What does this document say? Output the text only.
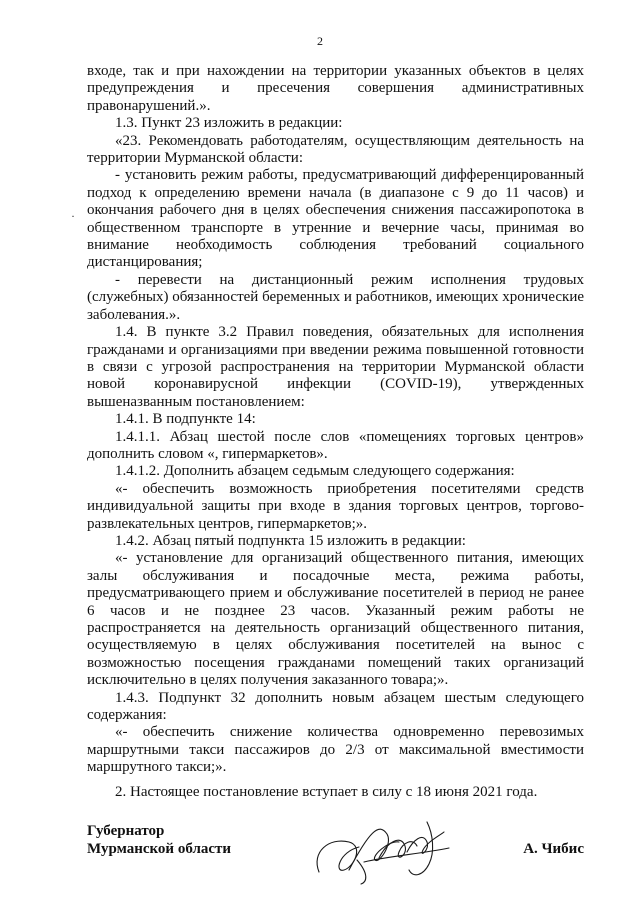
2
·

входе, так и при нахождении на территории указанных объектов в целях предупреждения и пресечения совершения административных правонарушений.».

1.3. Пункт 23 изложить в редакции:

«23. Рекомендовать работодателям, осуществляющим деятельность на территории Мурманской области:

- установить режим работы, предусматривающий дифференцированный подход к определению времени начала (в диапазоне с 9 до 11 часов) и окончания рабочего дня в целях обеспечения снижения пассажиропотока в общественном транспорте в утренние и вечерние часы, принимая во внимание необходимость соблюдения требований социального дистанцирования;

- перевести на дистанционный режим исполнения трудовых (служебных) обязанностей беременных и работников, имеющих хронические заболевания.».

1.4. В пункте 3.2 Правил поведения, обязательных для исполнения гражданами и организациями при введении режима повышенной готовности в связи с угрозой распространения на территории Мурманской области новой коронавирусной инфекции (COVID-19), утвержденных вышеназванным постановлением:

1.4.1. В подпункте 14:

1.4.1.1. Абзац шестой после слов «помещениях торговых центров» дополнить словом «, гипермаркетов».

1.4.1.2. Дополнить абзацем седьмым следующего содержания:

«- обеспечить возможность приобретения посетителями средств индивидуальной защиты при входе в здания торговых центров, торгово-развлекательных центров, гипермаркетов;».

1.4.2. Абзац пятый подпункта 15 изложить в редакции:

«- установление для организаций общественного питания, имеющих залы обслуживания и посадочные места, режима работы, предусматривающего прием и обслуживание посетителей в период не ранее 6 часов и не позднее 23 часов. Указанный режим работы не распространяется на деятельность организаций общественного питания, осуществляемую в целях обслуживания посетителей на вынос с возможностью посещения гражданами помещений таких организаций исключительно в целях получения заказанного товара;».

1.4.3. Подпункт 32 дополнить новым абзацем шестым следующего содержания:

«- обеспечить снижение количества одновременно перевозимых маршрутными такси пассажиров до 2/3 от максимальной вместимости маршрутного такси;».

2. Настоящее постановление вступает в силу с 18 июня 2021 года.

Губернатор
Мурманской области	А. Чибис
